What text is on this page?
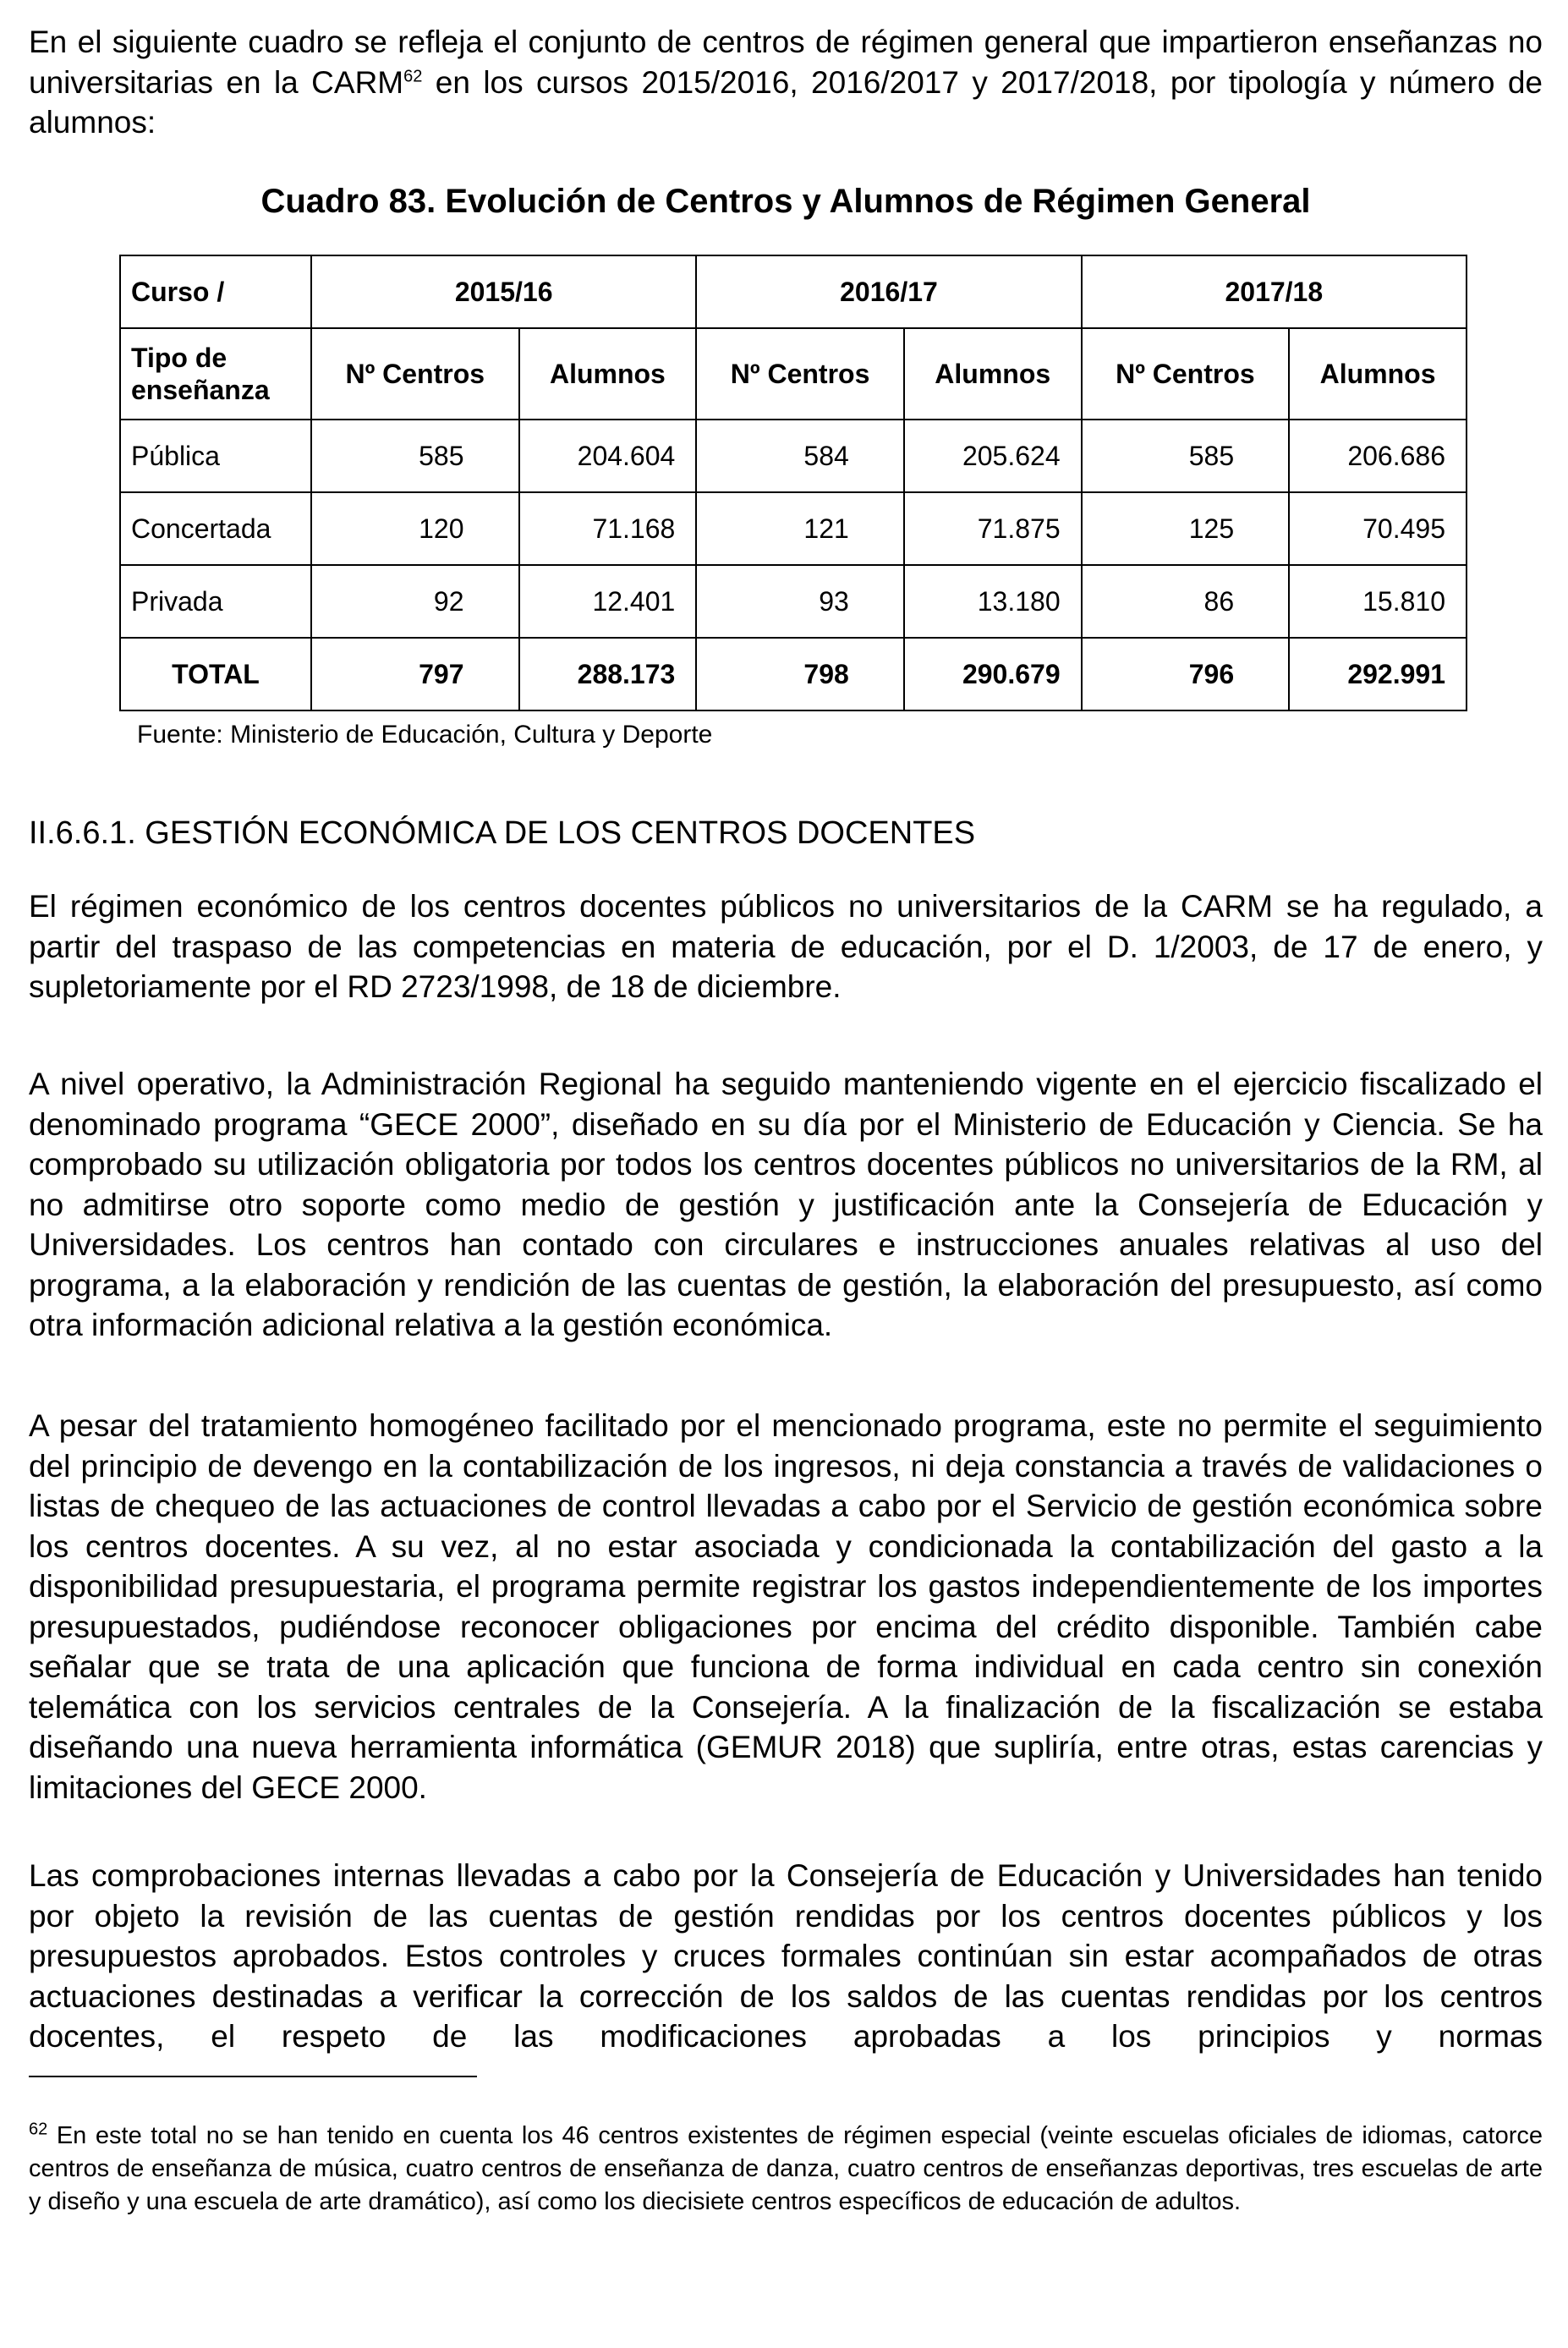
En el siguiente cuadro se refleja el conjunto de centros de régimen general que impartieron enseñanzas no universitarias en la CARM$^{62}$ en los cursos 2015/2016, 2016/2017 y 2017/2018, por tipología y número de alumnos:

Cuadro 83. Evolución de Centros y Alumnos de Régimen General

Curso /	2015/16		2016/17		2017/18	
Tipo de enseñanza	Nº Centros	Alumnos	Nº Centros	Alumnos	Nº Centros	Alumnos
Pública	585	204.604	584	205.624	585	206.686
Concertada	120	71.168	121	71.875	125	70.495
Privada	92	12.401	93	13.180	86	15.810
TOTAL	797	288.173	798	290.679	796	292.991
Fuente: Ministerio de Educación, Cultura y Deporte

II.6.6.1. GESTIÓN ECONÓMICA DE LOS CENTROS DOCENTES

El régimen económico de los centros docentes públicos no universitarios de la CARM se ha regulado, a partir del traspaso de las competencias en materia de educación, por el D. 1/2003, de 17 de enero, y supletoriamente por el RD 2723/1998, de 18 de diciembre.

A nivel operativo, la Administración Regional ha seguido manteniendo vigente en el ejercicio fiscalizado el denominado programa “GECE 2000”, diseñado en su día por el Ministerio de Educación y Ciencia. Se ha comprobado su utilización obligatoria por todos los centros docentes públicos no universitarios de la RM, al no admitirse otro soporte como medio de gestión y justificación ante la Consejería de Educación y Universidades. Los centros han contado con circulares e instrucciones anuales relativas al uso del programa, a la elaboración y rendición de las cuentas de gestión, la elaboración del presupuesto, así como otra información adicional relativa a la gestión económica.

A pesar del tratamiento homogéneo facilitado por el mencionado programa, este no permite el seguimiento del principio de devengo en la contabilización de los ingresos, ni deja constancia a través de validaciones o listas de chequeo de las actuaciones de control llevadas a cabo por el Servicio de gestión económica sobre los centros docentes. A su vez, al no estar asociada y condicionada la contabilización del gasto a la disponibilidad presupuestaria, el programa permite registrar los gastos independientemente de los importes presupuestados, pudiéndose reconocer obligaciones por encima del crédito disponible. También cabe señalar que se trata de una aplicación que funciona de forma individual en cada centro sin conexión telemática con los servicios centrales de la Consejería. A la finalización de la fiscalización se estaba diseñando una nueva herramienta informática (GEMUR 2018) que supliría, entre otras, estas carencias y limitaciones del GECE 2000.

Las comprobaciones internas llevadas a cabo por la Consejería de Educación y Universidades han tenido por objeto la revisión de las cuentas de gestión rendidas por los centros docentes públicos y los presupuestos aprobados. Estos controles y cruces formales continúan sin estar acompañados de otras actuaciones destinadas a verificar la corrección de los saldos de las cuentas rendidas por los centros docentes, el respeto de las modificaciones aprobadas a los principios y normas

$^{62}$ En este total no se han tenido en cuenta los 46 centros existentes de régimen especial (veinte escuelas oficiales de idiomas, catorce centros de enseñanza de música, cuatro centros de enseñanza de danza, cuatro centros de enseñanzas deportivas, tres escuelas de arte y diseño y una escuela de arte dramático), así como los diecisiete centros específicos de educación de adultos.
